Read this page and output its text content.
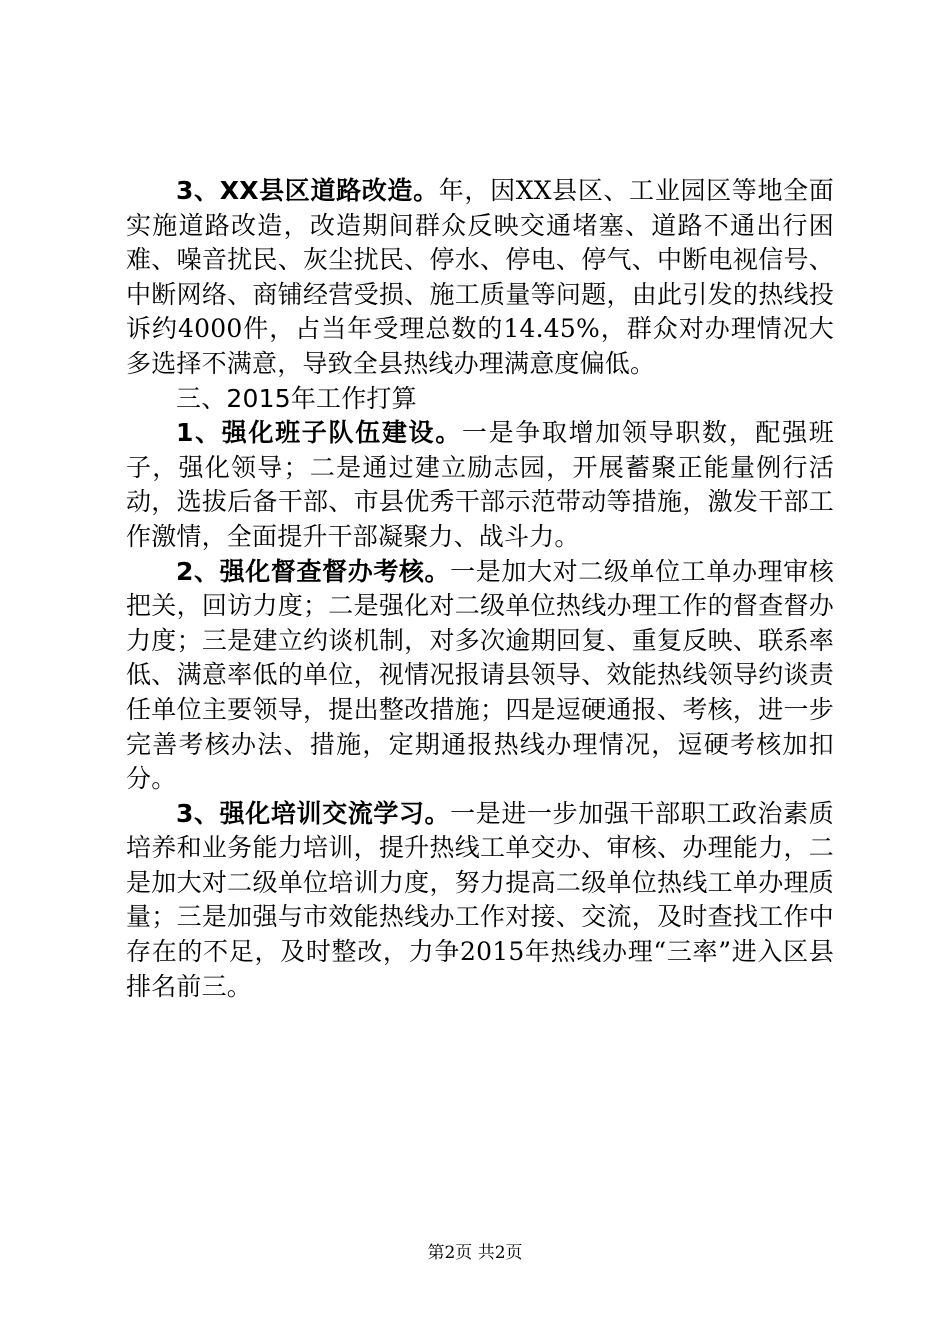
3、XX县区道路改造。年，因XX县区、工业园区等地全面实施道路改造，改造期间群众反映交通堵塞、道路不通出行困难、噪音扰民、灰尘扰民、停水、停电、停气、中断电视信号、中断网络、商铺经营受损、施工质量等问题，由此引发的热线投诉约4000件，占当年受理总数的14.45%，群众对办理情况大多选择不满意，导致全县热线办理满意度偏低。

三、2015年工作打算

1、强化班子队伍建设。一是争取增加领导职数，配强班子，强化领导；二是通过建立励志园，开展蓄聚正能量例行活动，选拔后备干部、市县优秀干部示范带动等措施，激发干部工作激情，全面提升干部凝聚力、战斗力。

2、强化督查督办考核。一是加大对二级单位工单办理审核把关，回访力度；二是强化对二级单位热线办理工作的督查督办力度；三是建立约谈机制，对多次逾期回复、重复反映、联系率低、满意率低的单位，视情况报请县领导、效能热线领导约谈责任单位主要领导，提出整改措施；四是逗硬通报、考核，进一步完善考核办法、措施，定期通报热线办理情况，逗硬考核加扣分。

3、强化培训交流学习。一是进一步加强干部职工政治素质培养和业务能力培训，提升热线工单交办、审核、办理能力，二是加大对二级单位培训力度，努力提高二级单位热线工单办理质量；三是加强与市效能热线办工作对接、交流，及时查找工作中存在的不足，及时整改，力争2015年热线办理“三率”进入区县排名前三。

第2页 共2页
